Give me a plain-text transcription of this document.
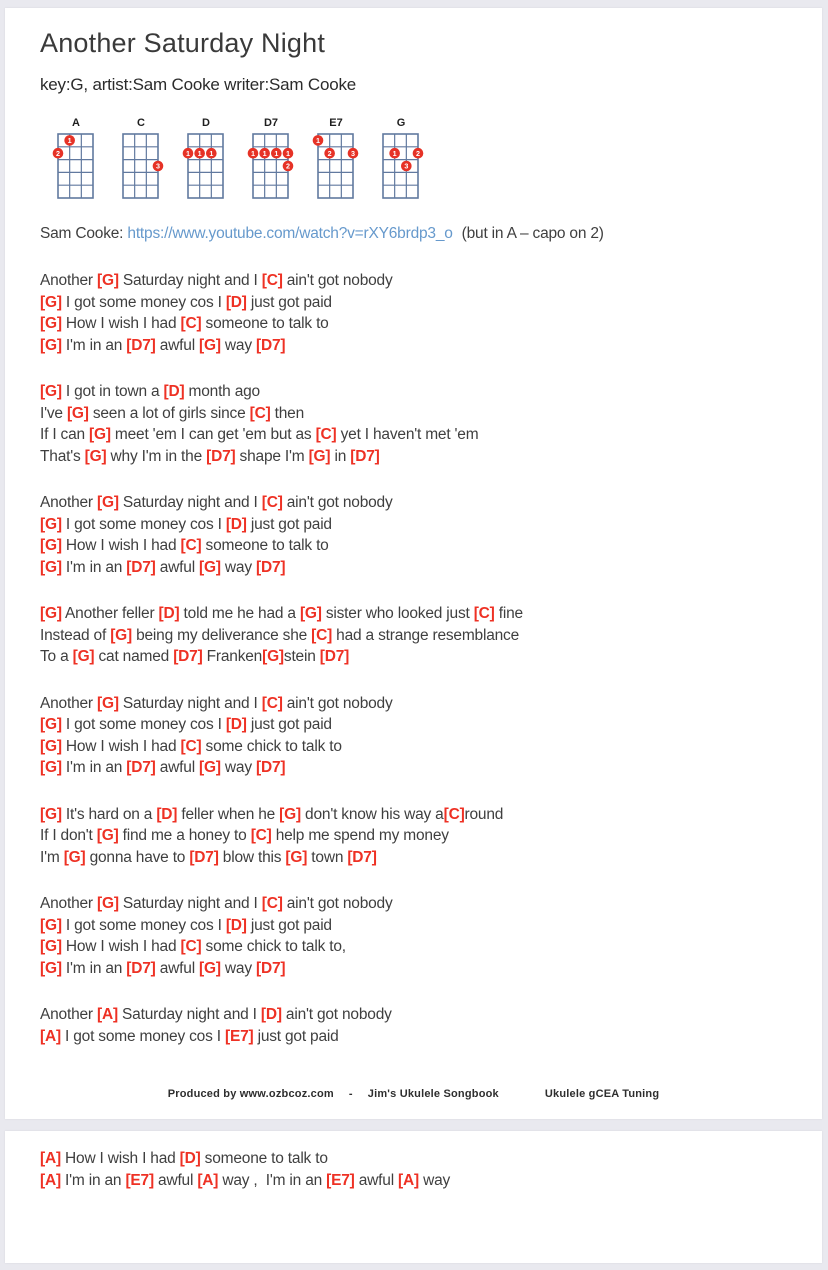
Another Saturday Night
key:G, artist:Sam Cooke writer:Sam Cooke
A
1
2
C
3
D
1 1 1
D7
1 1 1 1
2
E7
1
2	3
G
1	2
3
Sam Cooke: https://www.youtube.com/watch?v=rXY6brdp3_o (but in A – capo on 2)
Another [G] Saturday night and I [C] ain't got nobody
[G] I got some money cos I [D] just got paid
[G] How I wish I had [C] someone to talk to
[G] I'm in an [D7] awful [G] way [D7]
[G] I got in town a [D] month ago
I've [G] seen a lot of girls since [C] then
If I can [G] meet 'em I can get 'em but as [C] yet I haven't met 'em
That's [G] why I'm in the [D7] shape I'm [G] in [D7]
Another [G] Saturday night and I [C] ain't got nobody
[G] I got some money cos I [D] just got paid
[G] How I wish I had [C] someone to talk to
[G] I'm in an [D7] awful [G] way [D7]
[G] Another feller [D] told me he had a [G] sister who looked just [C] fine
Instead of [G] being my deliverance she [C] had a strange resemblance
To a [G] cat named [D7] Franken[G]stein [D7]
Another [G] Saturday night and I [C] ain't got nobody
[G] I got some money cos I [D] just got paid
[G] How I wish I had [C] some chick to talk to
[G] I'm in an [D7] awful [G] way [D7]
[G] It's hard on a [D] feller when he [G] don't know his way a[C]round
If I don't [G] find me a honey to [C] help me spend my money
I'm [G] gonna have to [D7] blow this [G] town [D7]
Another [G] Saturday night and I [C] ain't got nobody
[G] I got some money cos I [D] just got paid
[G] How I wish I had [C] some chick to talk to,
[G] I'm in an [D7] awful [G] way [D7]
Another [A] Saturday night and I [D] ain't got nobody
[A] I got some money cos I [E7] just got paid
Produced by www.ozbcoz.com - Jim's Ukulele Songbook	Ukulele gCEA Tuning
[A] How I wish I had [D] someone to talk to
[A] I'm in an [E7] awful [A] way ,  I'm in an [E7] awful [A] way
